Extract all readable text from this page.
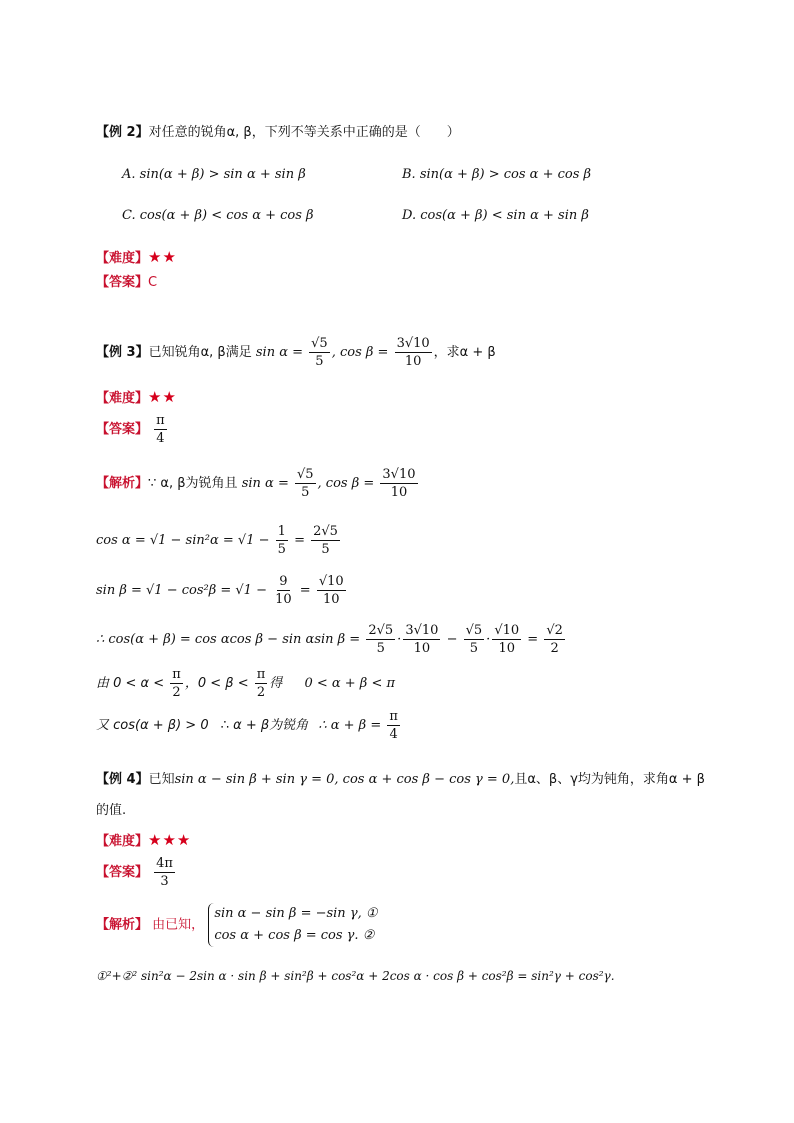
【例 2】对任意的锐角α, β，下列不等关系中正确的是（　　）
A. sin(α + β) > sin α + sin β	B. sin(α + β) > cos α + cos β
C. cos(α + β) < cos α + cos β	D. cos(α + β) < sin α + sin β
【难度】★★
【答案】C
【例 3】已知锐角α, β满足 $\sin \alpha = \frac{√5}{5}$ , $\cos \beta = \frac{3√10}{10}$ ，求α + β
【难度】★★
【答案】 $\frac{\pi}{4}$
【解析】∵ α, β为锐角且 $\sin \alpha = \frac{√5}{5}$ , $\cos \beta = \frac{3√10}{10}$
$\cos \alpha = √1 - \sin^2\alpha = √1 - \frac{1}{5} = \frac{2√5}{5}$
$\sin \beta = √1 - \cos^2\beta = √1 - \frac{9}{10} = \frac{√10}{10}$
∴ cos(α + β) = cos αcos β − sin αsin $\beta = \frac{2√5}{5} \cdot \frac{3√10}{10} - \frac{√5}{5} \cdot \frac{√10}{10} = \frac{√2}{2}$
由 $0 < \alpha < \frac{\pi}{2}$ ，$0 < \beta < \frac{\pi}{2}$ 得 0 < α + β < π
又 cos(α + β) > 0 ∴ α + β为锐角 ∴ $\alpha + \beta = \frac{\pi}{4}$
【例 4】已知sin α − sin β + sin γ = 0, cos α + cos β − cos γ = 0,且α、β、γ均为钝角，求角α + β
的值.
【难度】★★★
【答案】 $\frac{4\pi}{3}$
【解析】 由已知，
sin α − sin β = −sin γ, ①
cos α + cos β = cos γ. ②
①²+②² sin²α − 2sin α · sin β + sin²β + cos²α + 2cos α · cos β + cos²β = sin²γ + cos²γ.
